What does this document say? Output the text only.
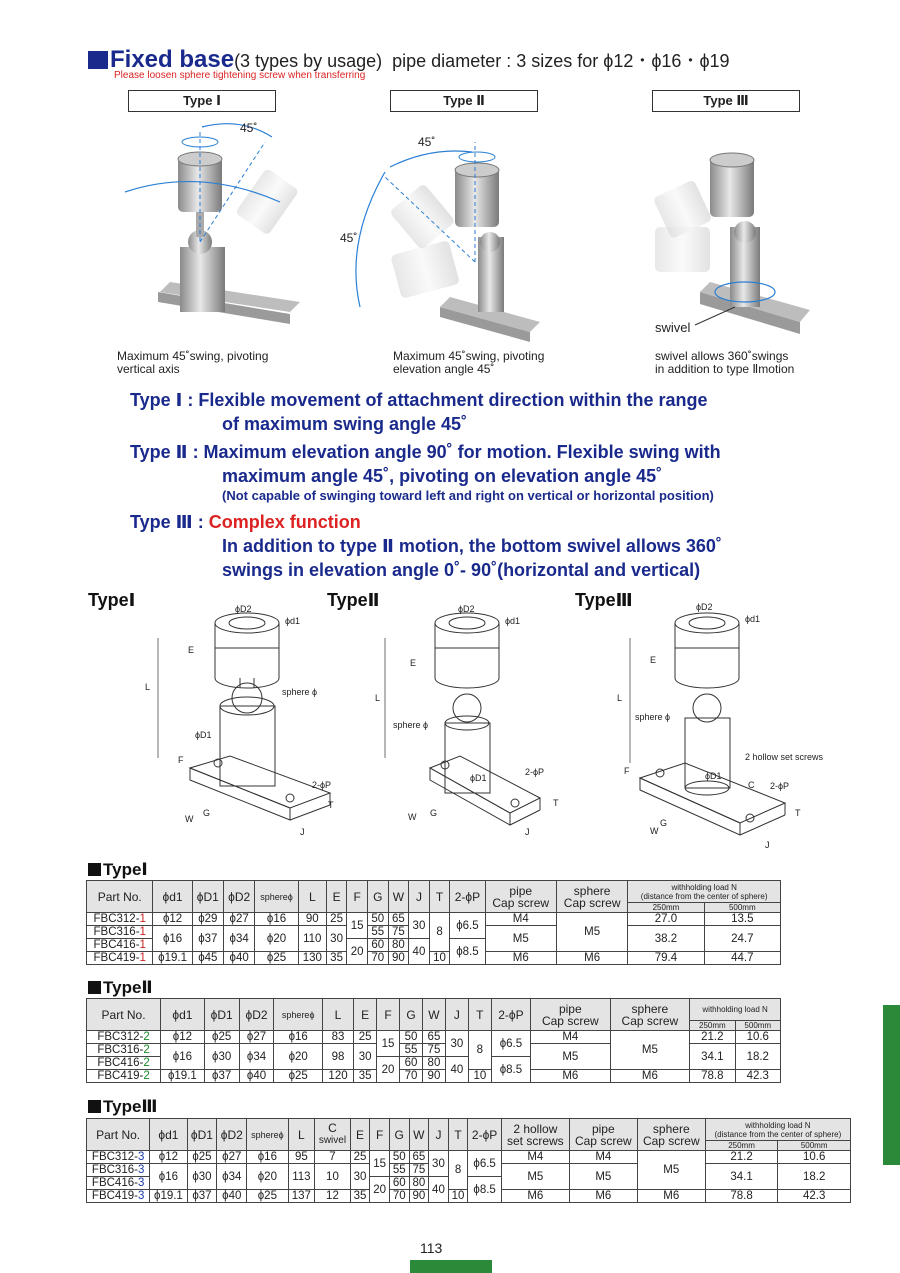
Fixed base(3 types by usage) pipe diameter : 3 sizes for ϕ12・ϕ16・ϕ19
Please loosen sphere tightening screw when transferring
Type Ⅰ	Type Ⅱ	Type Ⅲ
45˚
45˚
45˚
swivel
Maximum 45˚swing, pivoting
vertical axis
Maximum 45˚swing, pivoting
elevation angle 45˚
swivel allows 360˚swings
in addition to type Ⅱmotion
Type Ⅰ : Flexible movement of attachment direction within the range
of maximum swing angle 45˚
Type Ⅱ : Maximum elevation angle 90˚ for motion. Flexible swing with
maximum angle 45˚, pivoting on elevation angle 45˚
(Not capable of swinging toward left and right on vertical or horizontal position)
Type Ⅲ : Complex function
In addition to type Ⅱ motion, the bottom swivel allows 360˚
swings in elevation angle 0˚- 90˚(horizontal and vertical)
TypeⅠ	TypeⅡ	TypeⅢ
ϕD2
ϕd1
E
L	sphere ϕ
ϕD1
F
2-ϕP
T
G
W
J
ϕD2
ϕd1
E
L
sphere ϕ
ϕD1
2-ϕP
T
W G
J
ϕD2
ϕd1
E
L
sphere ϕ
2 hollow set screws
ϕD1
C 2-ϕP
F
T
G
W
J
TypeⅠ
Part No.	ϕd1	ϕD1	ϕD2	sphereϕ	L	E	F	G	W	J	T	2-ϕP	pipe
Cap screw	sphere
Cap screw	withholding load N
(distance from the center of sphere)	
															250mm	500mm
FBC312-1	ϕ12	ϕ29	ϕ27	ϕ16	90	25	15	50	65	30	8	ϕ6.5	M4	M5	27.0	13.5
FBC316-1	ϕ16	ϕ37	ϕ34	ϕ20	110	30		55	75				M5		38.2	24.7
FBC416-1							20	60	80	40		ϕ8.5				
FBC419-1	ϕ19.1	ϕ45	ϕ40	ϕ25	130	35		70	90		10		M6	M6	79.4	44.7
TypeⅡ
Part No.	ϕd1	ϕD1	ϕD2	sphereϕ	L	E	F	G	W	J	T	2-ϕP	pipe
Cap screw	sphere
Cap screw	withholding load N	
															250mm	500mm
FBC312-2	ϕ12	ϕ25	ϕ27	ϕ16	83	25	15	50	65	30	8	ϕ6.5	M4	M5	21.2	10.6
FBC316-2	ϕ16	ϕ30	ϕ34	ϕ20	98	30		55	75				M5		34.1	18.2
FBC416-2							20	60	80	40		ϕ8.5				
FBC419-2	ϕ19.1	ϕ37	ϕ40	ϕ25	120	35		70	90		10		M6	M6	78.8	42.3
TypeⅢ
Part No.	ϕd1	ϕD1	ϕD2	sphereϕ	L	C
swivel	E	F	G	W	J	T	2-ϕP	2 hollow
set screws	pipe
Cap screw	sphere
Cap screw	withholding load N
(distance from the center of sphere)	
																	250mm	500mm
FBC312-3	ϕ12	ϕ25	ϕ27	ϕ16	95	7	25	15	50	65	30	8	ϕ6.5	M4	M4	M5	21.2	10.6
FBC316-3	ϕ16	ϕ30	ϕ34	ϕ20	113	10	30		55	75				M5	M5		34.1	18.2
FBC416-3								20	60	80	40		ϕ8.5					
FBC419-3	ϕ19.1	ϕ37	ϕ40	ϕ25	137	12	35		70	90		10		M6	M6	M6	78.8	42.3
113
